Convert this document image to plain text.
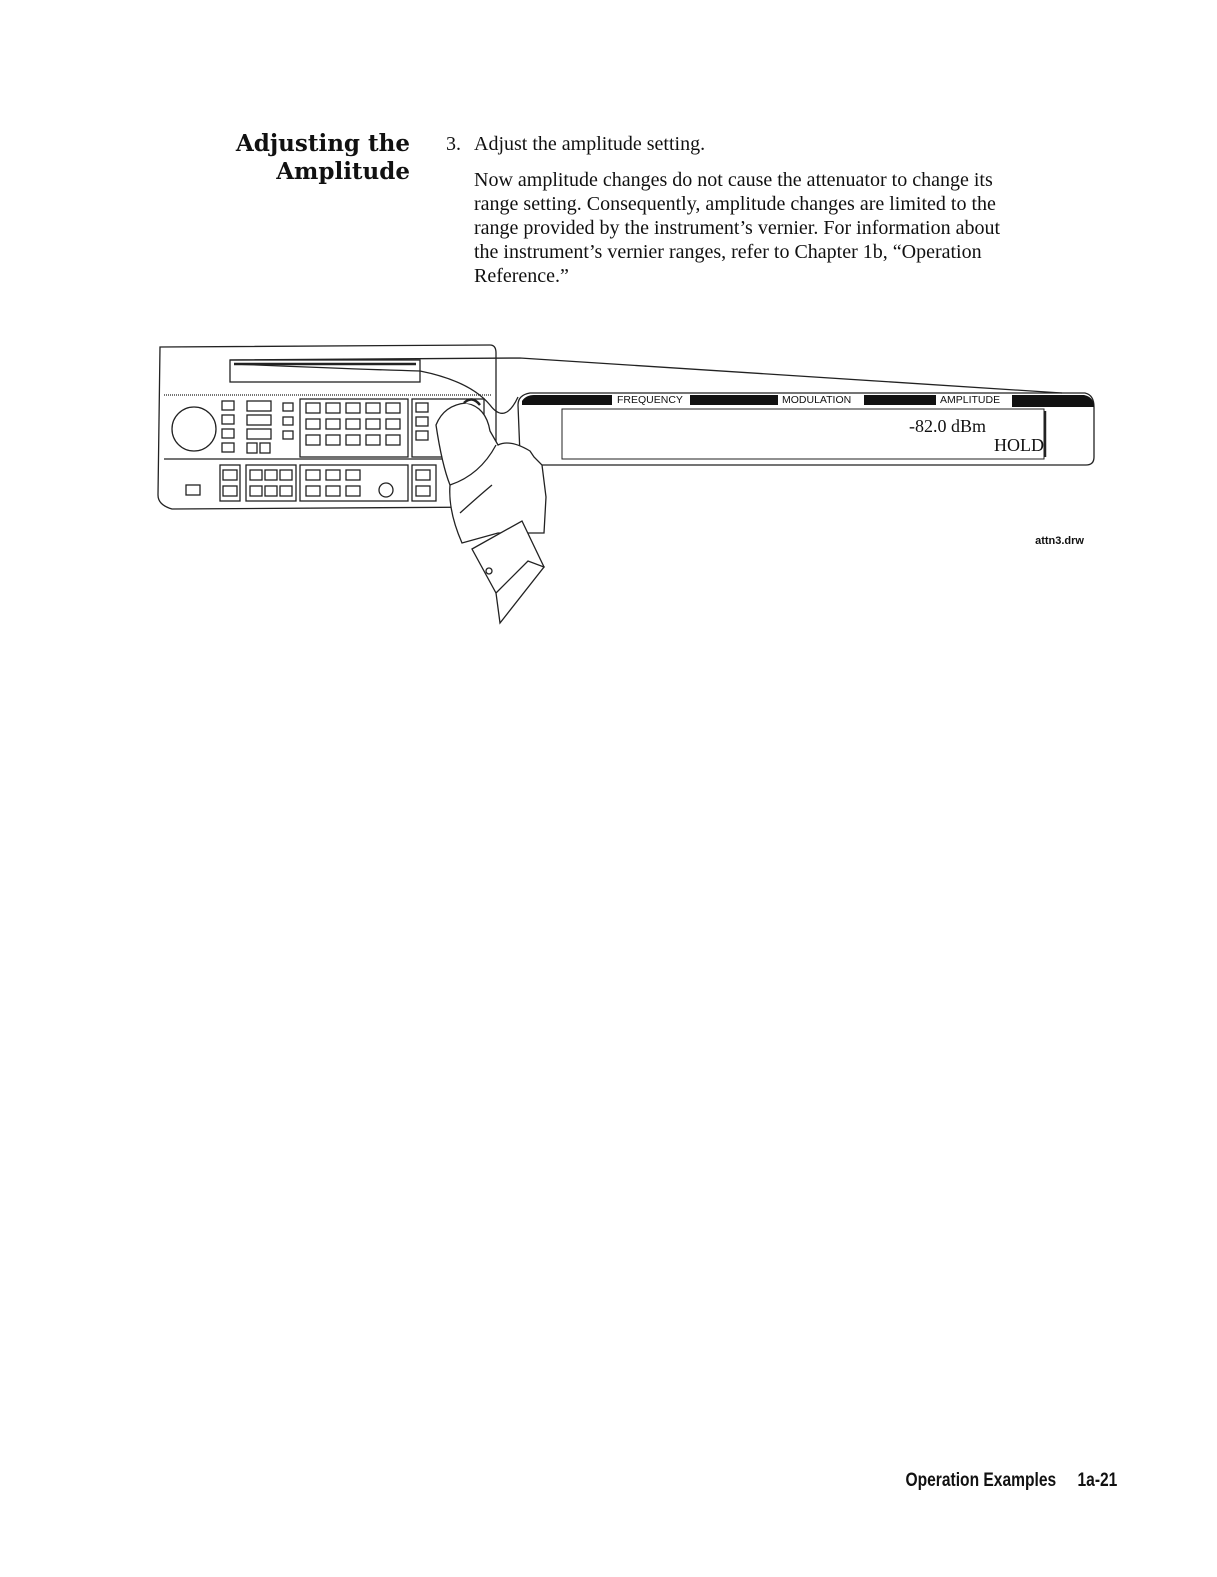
Adjusting the
Amplitude
3. Adjust the amplitude setting.
Now amplitude changes do not cause the attenuator to change its
range setting. Consequently, amplitude changes are limited to the
range provided by the instrument’s vernier. For information about
the instrument’s vernier ranges, refer to Chapter 1b, “Operation
Reference.”
FREQUENCY	MODULATION	AMPLITUDE
-82.0 dBm
HOLD
attn3.drw
Operation Examples 1a-21
